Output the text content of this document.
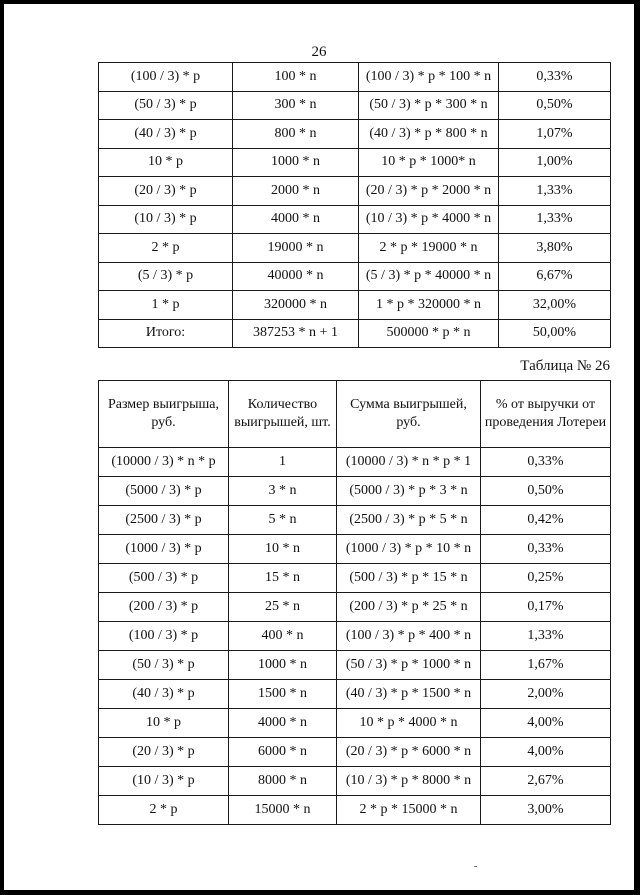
26
(100 / 3) * p	100 * n	(100 / 3) * p * 100 * n	0,33%
(50 / 3) * p	300 * n	(50 / 3) * p * 300 * n	0,50%
(40 / 3) * p	800 * n	(40 / 3) * p * 800 * n	1,07%
10 * p	1000 * n	10 * p * 1000* n	1,00%
(20 / 3) * p	2000 * n	(20 / 3) * p * 2000 * n	1,33%
(10 / 3) * p	4000 * n	(10 / 3) * p * 4000 * n	1,33%
2 * p	19000 * n	2 * p * 19000 * n	3,80%
(5 / 3) * p	40000 * n	(5 / 3) * p * 40000 * n	6,67%
1 * p	320000 * n	1 * p * 320000 * n	32,00%
Итого:	387253 * n + 1	500000 * p * n	50,00%
Таблица № 26
Размер выигрыша, руб.	Количество выигрышей, шт.	Сумма выигрышей, руб.	% от выручки от проведения Лотереи
(10000 / 3) * n * p	1	(10000 / 3) * n * p * 1	0,33%
(5000 / 3) * p	3 * n	(5000 / 3) * p * 3 * n	0,50%
(2500 / 3) * p	5 * n	(2500 / 3) * p * 5 * n	0,42%
(1000 / 3) * p	10 * n	(1000 / 3) * p * 10 * n	0,33%
(500 / 3) * p	15 * n	(500 / 3) * p * 15 * n	0,25%
(200 / 3) * p	25 * n	(200 / 3) * p * 25 * n	0,17%
(100 / 3) * p	400 * n	(100 / 3) * p * 400 * n	1,33%
(50 / 3) * p	1000 * n	(50 / 3) * p * 1000 * n	1,67%
(40 / 3) * p	1500 * n	(40 / 3) * p * 1500 * n	2,00%
10 * p	4000 * n	10 * p * 4000 * n	4,00%
(20 / 3) * p	6000 * n	(20 / 3) * p * 6000 * n	4,00%
(10 / 3) * p	8000 * n	(10 / 3) * p * 8000 * n	2,67%
2 * p	15000 * n	2 * p * 15000 * n	3,00%
